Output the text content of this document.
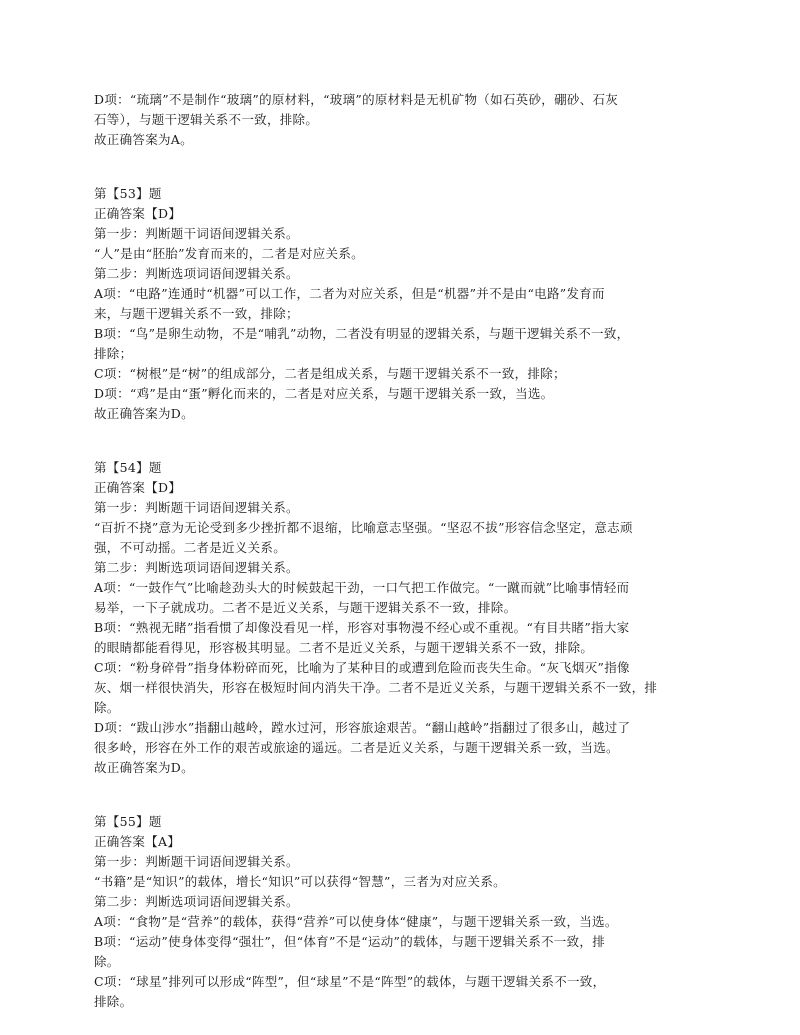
D项：“琉璃”不是制作“玻璃”的原材料，“玻璃”的原材料是无机矿物（如石英砂，硼砂、石灰
石等），与题干逻辑关系不一致，排除。
故正确答案为A。
第【53】题
正确答案【D】
第一步：判断题干词语间逻辑关系。
“人”是由“胚胎”发育而来的，二者是对应关系。
第二步：判断选项词语间逻辑关系。
A项：“电路”连通时“机器”可以工作，二者为对应关系，但是“机器”并不是由“电路”发育而
来，与题干逻辑关系不一致，排除；
B项：“鸟”是卵生动物，不是“哺乳”动物，二者没有明显的逻辑关系，与题干逻辑关系不一致，
排除；
C项：“树根”是“树”的组成部分，二者是组成关系，与题干逻辑关系不一致，排除；
D项：“鸡”是由“蛋”孵化而来的，二者是对应关系，与题干逻辑关系一致，当选。
故正确答案为D。
第【54】题
正确答案【D】
第一步：判断题干词语间逻辑关系。
“百折不挠”意为无论受到多少挫折都不退缩，比喻意志坚强。“坚忍不拔”形容信念坚定，意志顽
强，不可动摇。二者是近义关系。
第二步：判断选项词语间逻辑关系。
A项：“一鼓作气”比喻趁劲头大的时候鼓起干劲，一口气把工作做完。“一蹴而就”比喻事情轻而
易举，一下子就成功。二者不是近义关系，与题干逻辑关系不一致，排除。
B项：“熟视无睹”指看惯了却像没看见一样，形容对事物漫不经心或不重视。“有目共睹”指大家
的眼睛都能看得见，形容极其明显。二者不是近义关系，与题干逻辑关系不一致，排除。
C项：“粉身碎骨”指身体粉碎而死，比喻为了某种目的或遭到危险而丧失生命。“灰飞烟灭”指像
灰、烟一样很快消失，形容在极短时间内消失干净。二者不是近义关系，与题干逻辑关系不一致，排
除。
D项：“跋山涉水”指翻山越岭，蹚水过河，形容旅途艰苦。“翻山越岭”指翻过了很多山，越过了
很多岭，形容在外工作的艰苦或旅途的遥远。二者是近义关系，与题干逻辑关系一致，当选。
故正确答案为D。
第【55】题
正确答案【A】
第一步：判断题干词语间逻辑关系。
“书籍”是“知识”的载体，增长“知识”可以获得“智慧”，三者为对应关系。
第二步：判断选项词语间逻辑关系。
A项：“食物”是“营养”的载体，获得“营养”可以使身体“健康”，与题干逻辑关系一致，当选。
B项：“运动”使身体变得“强壮”，但“体育”不是“运动”的载体，与题干逻辑关系不一致，排
除。
C项：“球星”排列可以形成“阵型”，但“球星”不是“阵型”的载体，与题干逻辑关系不一致，
排除。
